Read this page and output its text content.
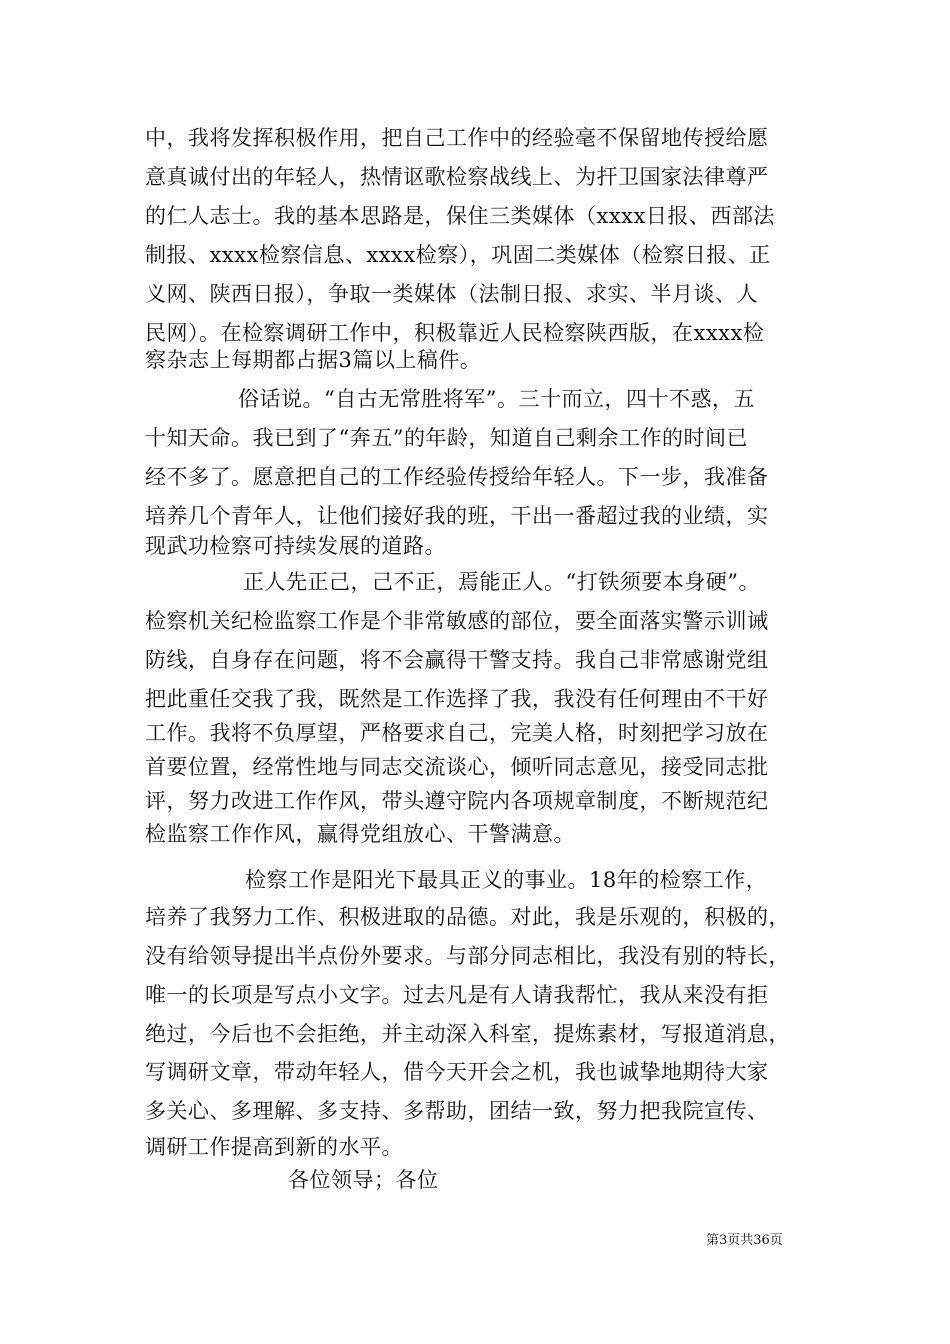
中，我将发挥积极作用，把自己工作中的经验毫不保留地传授给愿
意真诚付出的年轻人，热情讴歌检察战线上、为扞卫国家法律尊严
的仁人志士。我的基本思路是，保住三类媒体（xxxx日报、西部法
制报、xxxx检察信息、xxxx检察），巩固二类媒体（检察日报、正
义网、陕西日报），争取一类媒体（法制日报、求实、半月谈、人
民网）。在检察调研工作中，积极靠近人民检察陕西版，在xxxx检
察杂志上每期都占据3篇以上稿件。
俗话说。“自古无常胜将军”。三十而立，四十不惑，五
十知天命。我已到了“奔五”的年龄，知道自己剩余工作的时间已
经不多了。愿意把自己的工作经验传授给年轻人。下一步，我准备
培养几个青年人，让他们接好我的班，干出一番超过我的业绩，实
现武功检察可持续发展的道路。
正人先正己，己不正，焉能正人。“打铁须要本身硬”。
检察机关纪检监察工作是个非常敏感的部位，要全面落实警示训诫
防线，自身存在问题，将不会赢得干警支持。我自己非常感谢党组
把此重任交我了我，既然是工作选择了我，我没有任何理由不干好
工作。我将不负厚望，严格要求自己，完美人格，时刻把学习放在
首要位置，经常性地与同志交流谈心，倾听同志意见，接受同志批
评，努力改进工作作风，带头遵守院内各项规章制度，不断规范纪
检监察工作作风，赢得党组放心、干警满意。
检察工作是阳光下最具正义的事业。18年的检察工作，
培养了我努力工作、积极进取的品德。对此，我是乐观的，积极的，
没有给领导提出半点份外要求。与部分同志相比，我没有别的特长，
唯一的长项是写点小文字。过去凡是有人请我帮忙，我从来没有拒
绝过，今后也不会拒绝，并主动深入科室，提炼素材，写报道消息，
写调研文章，带动年轻人，借今天开会之机，我也诚挚地期待大家
多关心、多理解、多支持、多帮助，团结一致，努力把我院宣传、
调研工作提高到新的水平。
各位领导；各位
第3页共36页
